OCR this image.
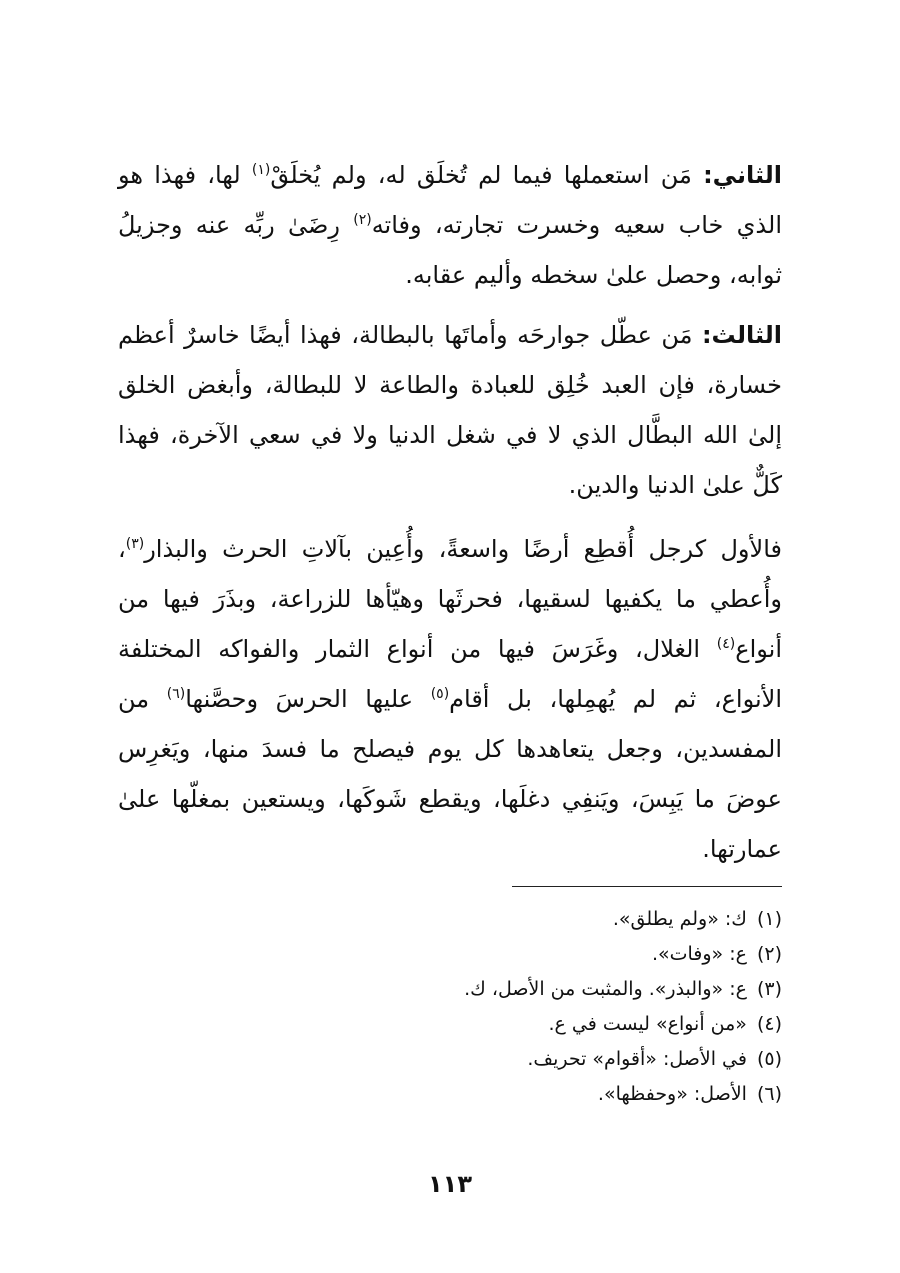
الثاني: مَن استعملها فيما لم تُخلَق له، ولم يُخلَقْ$^{(١)}$ لها، فهذا هو الذي خاب سعيه وخسرت تجارته، وفاته$^{(٢)}$ رِضَىٰ ربِّه عنه وجزيلُ ثوابه، وحصل علىٰ سخطه وأليم عقابه.

الثالث: مَن عطّل جوارحَه وأماتَها بالبطالة، فهذا أيضًا خاسرٌ أعظم خسارة، فإن العبد خُلِق للعبادة والطاعة لا للبطالة، وأبغض الخلق إلىٰ الله البطَّال الذي لا في شغل الدنيا ولا في سعي الآخرة، فهذا كَلٌّ علىٰ الدنيا والدين.

فالأول كرجل أُقطِع أرضًا واسعةً، وأُعِين بآلاتِ الحرث والبذار$^{(٣)}$، وأُعطي ما يكفيها لسقيها، فحرثَها وهيّأها للزراعة، وبذَرَ فيها من أنواع$^{(٤)}$ الغلال، وغَرَسَ فيها من أنواع الثمار والفواكه المختلفة الأنواع، ثم لم يُهمِلها، بل أقام$^{(٥)}$ عليها الحرسَ وحصَّنها$^{(٦)}$ من المفسدين، وجعل يتعاهدها كل يوم فيصلح ما فسدَ منها، ويَغرِس عوضَ ما يَبِسَ، ويَنفِي دغلَها، ويقطع شَوكَها، ويستعين بمغلّها علىٰ عمارتها.

(١)ك: «ولم يطلق».
(٢)ع: «وفات».
(٣)ع: «والبذر». والمثبت من الأصل، ك.
(٤)«من أنواع» ليست في ع.
(٥)في الأصل: «أقوام» تحريف.
(٦)الأصل: «وحفظها».
١١٣
